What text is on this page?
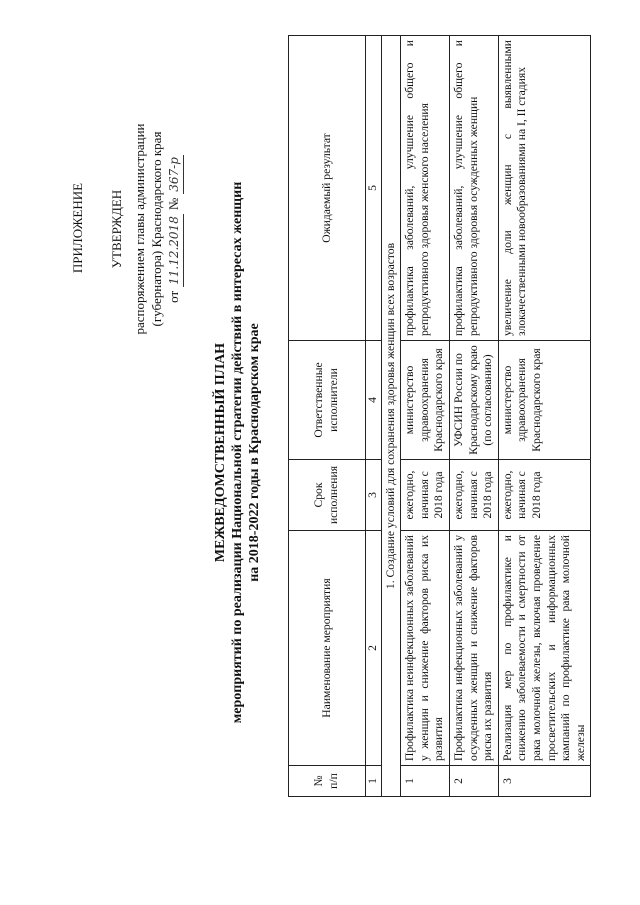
ПРИЛОЖЕНИЕ УТВЕРЖДЕН распоряжением главы администрации (губернатора) Краснодарского края от
11.12.2018
№
367-р
МЕЖВЕДОМСТВЕННЫЙ ПЛАН мероприятий по реализации Национальной стратегии действий в интересах женщин на 2018-2022 годы в Краснодарском крае
№ п/п	Наименование мероприятия	Срок исполнения	Ответственные исполнители	Ожидаемый результат
1	2	3	4	5
1. Создание условий для сохранения здоровья женщин всех возрастов				
1	Профилактика неинфекционных заболеваний у женщин и снижение факторов риска их развития	ежегодно, начиная с 2018 года	министерство здравоохранения Краснодарского края	профилактика заболеваний, улучшение общего и репродуктивного здоровья женского населения
2	Профилактика инфекционных заболеваний у осужденных женщин и снижение факторов риска их развития	ежегодно, начиная с 2018 года	УФСИН России по Краснодарскому краю (по согласованию)	профилактика заболеваний, улучшение общего и репродуктивного здоровья осужденных женщин
3	Реализация мер по профилактике и снижению заболеваемости и смертности от рака молочной железы, включая проведение просветительских и информационных кампаний по профилактике рака молочной железы	ежегодно, начиная с 2018 года	министерство здравоохранения Краснодарского края	увеличение доли женщин с выявленными злокачественными новообразованиями на I, II стадиях
